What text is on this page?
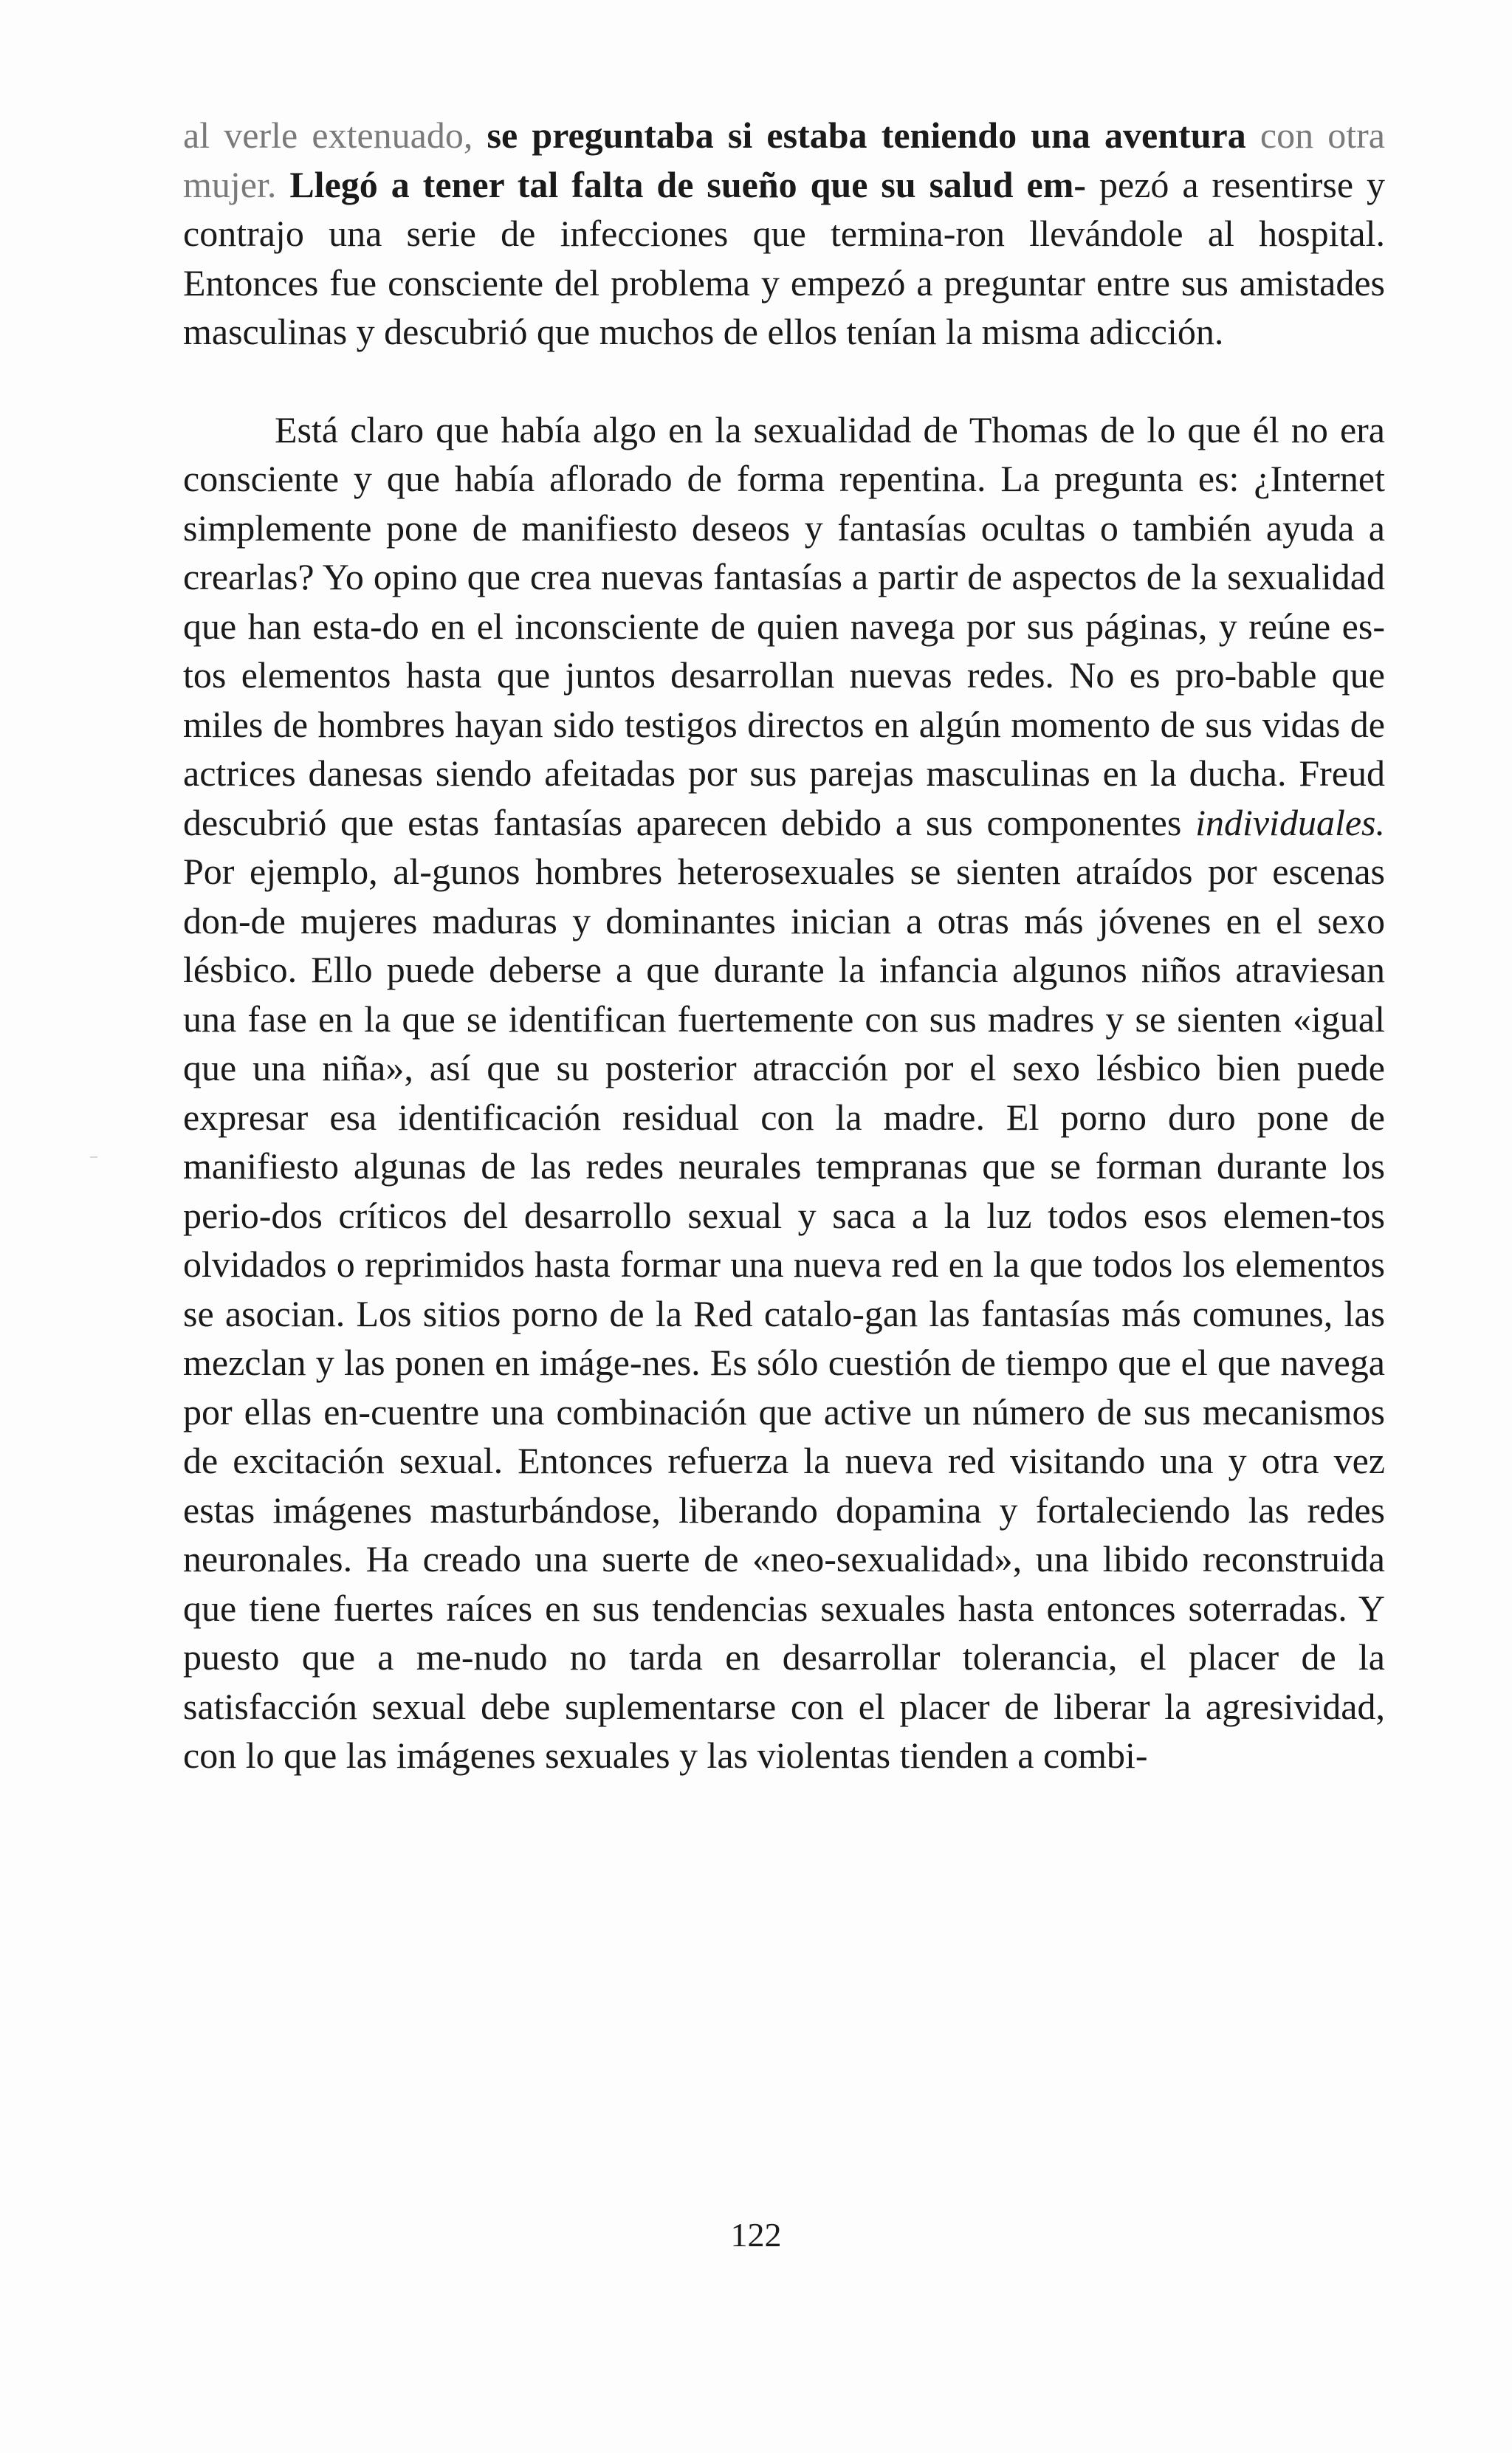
al verle extenuado, se preguntaba si estaba teniendo una aventura con otra mujer. Llegó a tener tal falta de sueño que su salud em- pezó a resentirse y contrajo una serie de infecciones que termina-ron llevándole al hospital. Entonces fue consciente del problema y empezó a preguntar entre sus amistades masculinas y descubrió que muchos de ellos tenían la misma adicción.

Está claro que había algo en la sexualidad de Thomas de lo que él no era consciente y que había aflorado de forma repentina. La pregunta es: ¿Internet simplemente pone de manifiesto deseos y fantasías ocultas o también ayuda a crearlas? Yo opino que crea nuevas fantasías a partir de aspectos de la sexualidad que han esta-do en el inconsciente de quien navega por sus páginas, y reúne es-tos elementos hasta que juntos desarrollan nuevas redes. No es pro-bable que miles de hombres hayan sido testigos directos en algún momento de sus vidas de actrices danesas siendo afeitadas por sus parejas masculinas en la ducha. Freud descubrió que estas fantasías aparecen debido a sus componentes individuales. Por ejemplo, al-gunos hombres heterosexuales se sienten atraídos por escenas don-de mujeres maduras y dominantes inician a otras más jóvenes en el sexo lésbico. Ello puede deberse a que durante la infancia algunos niños atraviesan una fase en la que se identifican fuertemente con sus madres y se sienten «igual que una niña», así que su posterior atracción por el sexo lésbico bien puede expresar esa identificación residual con la madre. El porno duro pone de manifiesto algunas de las redes neurales tempranas que se forman durante los perio-dos críticos del desarrollo sexual y saca a la luz todos esos elemen-tos olvidados o reprimidos hasta formar una nueva red en la que todos los elementos se asocian. Los sitios porno de la Red catalo-gan las fantasías más comunes, las mezclan y las ponen en imáge-nes. Es sólo cuestión de tiempo que el que navega por ellas en-cuentre una combinación que active un número de sus mecanismos de excitación sexual. Entonces refuerza la nueva red visitando una y otra vez estas imágenes masturbándose, liberando dopamina y fortaleciendo las redes neuronales. Ha creado una suerte de «neo-sexualidad», una libido reconstruida que tiene fuertes raíces en sus tendencias sexuales hasta entonces soterradas. Y puesto que a me-nudo no tarda en desarrollar tolerancia, el placer de la satisfacción sexual debe suplementarse con el placer de liberar la agresividad, con lo que las imágenes sexuales y las violentas tienden a combi-

122
